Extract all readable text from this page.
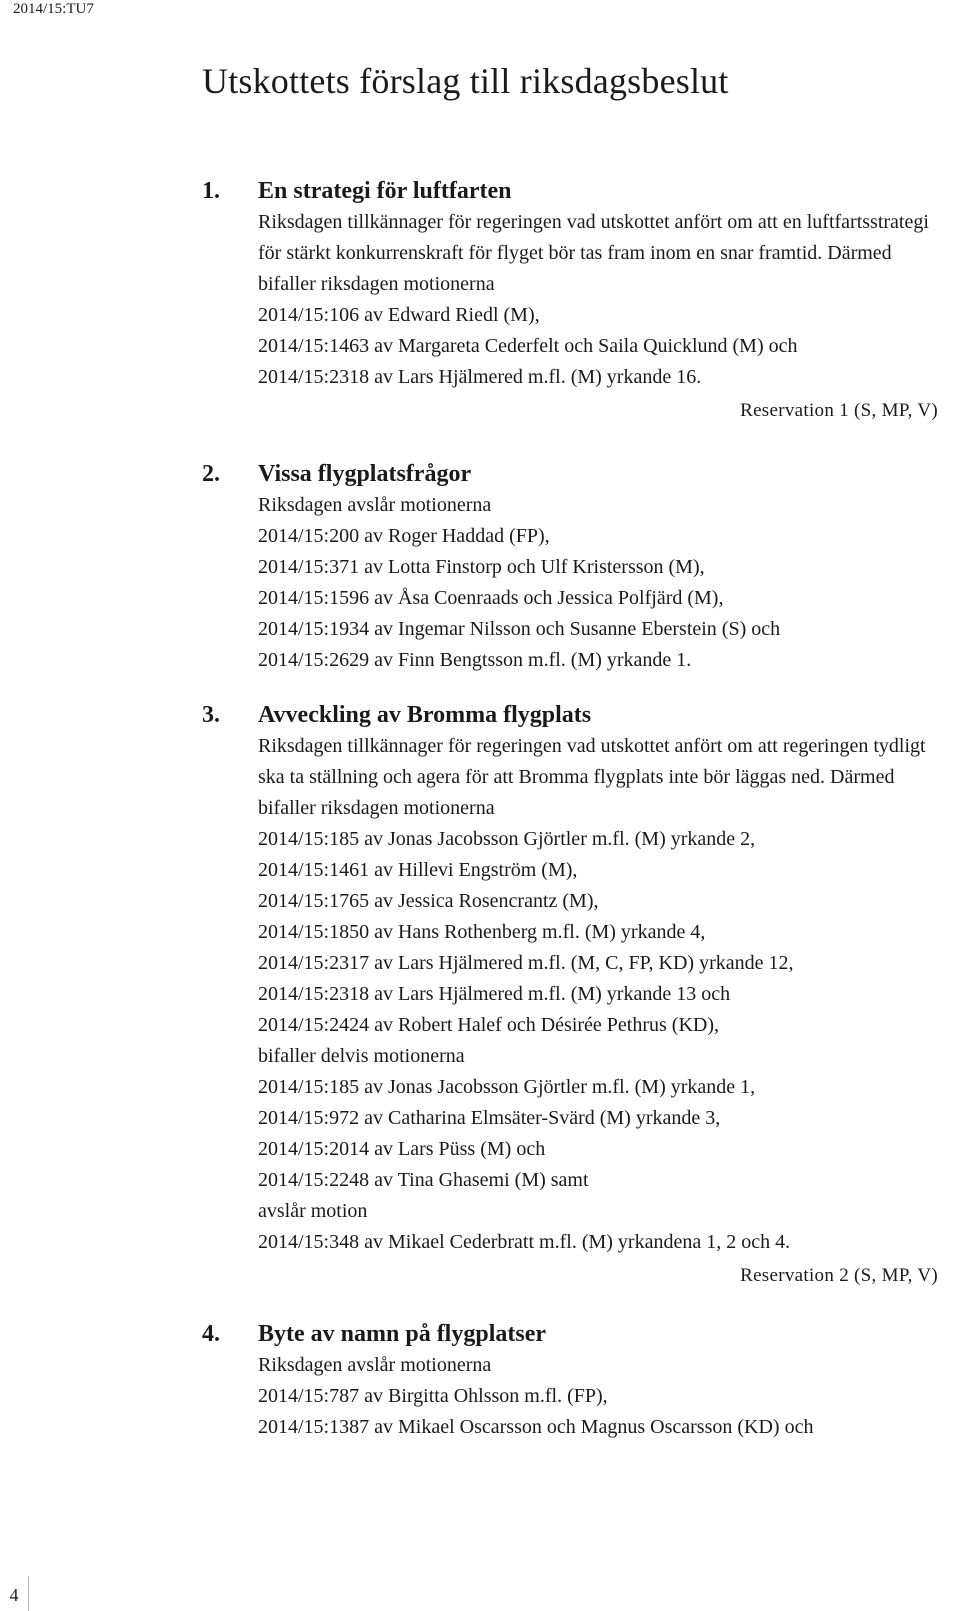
2014/15:TU7
Utskottets förslag till riksdagsbeslut
1. En strategi för luftfarten

Riksdagen tillkännager för regeringen vad utskottet anfört om att en luftfartsstrategi för stärkt konkurrenskraft för flyget bör tas fram inom en snar framtid. Därmed bifaller riksdagen motionerna

2014/15:106 av Edward Riedl (M),
2014/15:1463 av Margareta Cederfelt och Saila Quicklund (M) och
2014/15:2318 av Lars Hjälmered m.fl. (M) yrkande 16.
Reservation 1 (S, MP, V)
2. Vissa flygplatsfrågor

Riksdagen avslår motionerna

2014/15:200 av Roger Haddad (FP),
2014/15:371 av Lotta Finstorp och Ulf Kristersson (M),
2014/15:1596 av Åsa Coenraads och Jessica Polfjärd (M),
2014/15:1934 av Ingemar Nilsson och Susanne Eberstein (S) och
2014/15:2629 av Finn Bengtsson m.fl. (M) yrkande 1.
3. Avveckling av Bromma flygplats

Riksdagen tillkännager för regeringen vad utskottet anfört om att regeringen tydligt ska ta ställning och agera för att Bromma flygplats inte bör läggas ned. Därmed bifaller riksdagen motionerna

2014/15:185 av Jonas Jacobsson Gjörtler m.fl. (M) yrkande 2,
2014/15:1461 av Hillevi Engström (M),
2014/15:1765 av Jessica Rosencrantz (M),
2014/15:1850 av Hans Rothenberg m.fl. (M) yrkande 4,
2014/15:2317 av Lars Hjälmered m.fl. (M, C, FP, KD) yrkande 12,
2014/15:2318 av Lars Hjälmered m.fl. (M) yrkande 13 och
2014/15:2424 av Robert Halef och Désirée Pethrus (KD),
bifaller delvis motionerna
2014/15:185 av Jonas Jacobsson Gjörtler m.fl. (M) yrkande 1,
2014/15:972 av Catharina Elmsäter-Svärd (M) yrkande 3,
2014/15:2014 av Lars Püss (M) och
2014/15:2248 av Tina Ghasemi (M) samt
avslår motion
2014/15:348 av Mikael Cederbratt m.fl. (M) yrkandena 1, 2 och 4.
Reservation 2 (S, MP, V)
4. Byte av namn på flygplatser

Riksdagen avslår motionerna

2014/15:787 av Birgitta Ohlsson m.fl. (FP),
2014/15:1387 av Mikael Oscarsson och Magnus Oscarsson (KD) och
4
